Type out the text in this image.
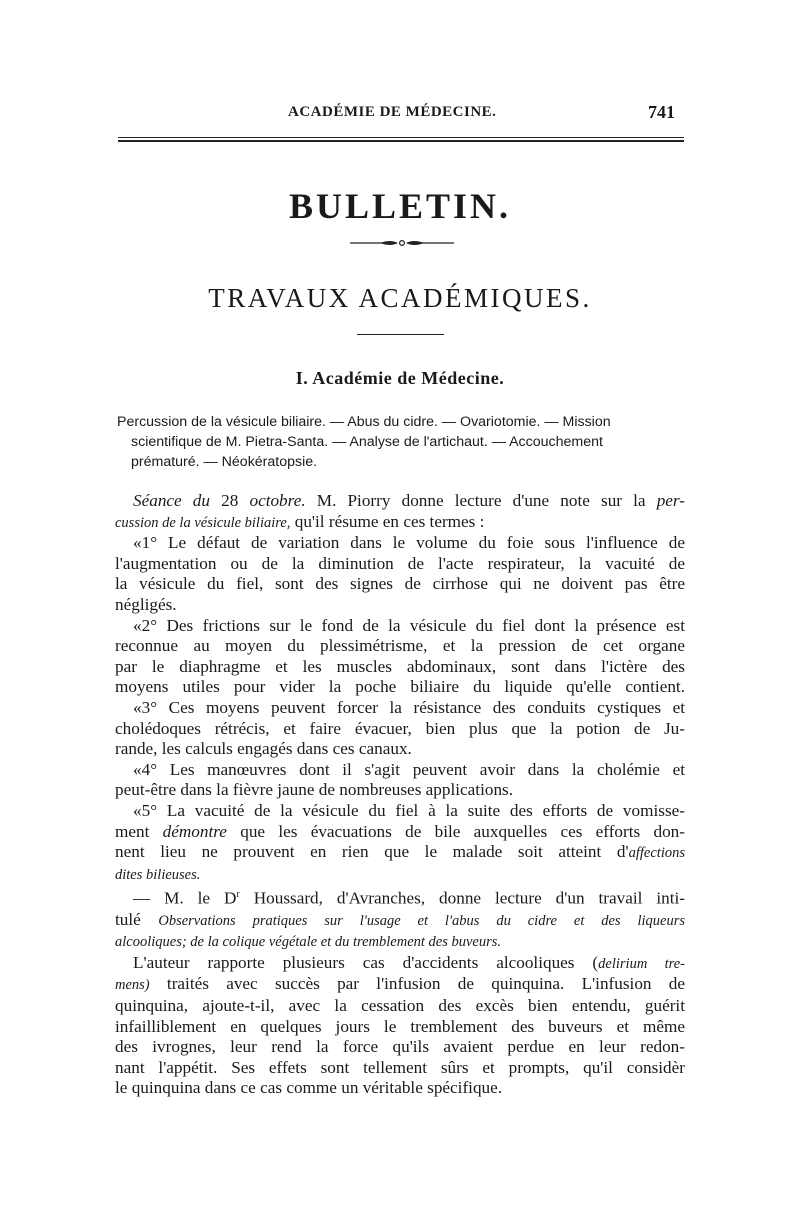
ACADÉMIE DE MÉDECINE.	741
BULLETIN.
TRAVAUX ACADÉMIQUES.
I. Académie de Médecine.
Percussion de la vésicule biliaire. — Abus du cidre. — Ovariotomie. — Mission
scientifique de M. Pietra-Santa. — Analyse de l'artichaut. — Accouchement
prématuré. — Néokératopsie.
Séance du 28 octobre. M. Piorry donne lecture d'une note sur la per-
cussion de la vésicule biliaire, qu'il résume en ces termes :
«1° Le défaut de variation dans le volume du foie sous l'influence de
l'augmentation ou de la diminution de l'acte respirateur, la vacuité de
la vésicule du fiel, sont des signes de cirrhose qui ne doivent pas être
négligés.
«2° Des frictions sur le fond de la vésicule du fiel dont la présence est
reconnue au moyen du plessimétrisme, et la pression de cet organe
par le diaphragme et les muscles abdominaux, sont dans l'ictère des
moyens utiles pour vider la poche biliaire du liquide qu'elle contient.
«3° Ces moyens peuvent forcer la résistance des conduits cystiques et
cholédoques rétrécis, et faire évacuer, bien plus que la potion de Ju-
rande, les calculs engagés dans ces canaux.
«4° Les manœuvres dont il s'agit peuvent avoir dans la cholémie et
peut-être dans la fièvre jaune de nombreuses applications.
«5° La vacuité de la vésicule du fiel à la suite des efforts de vomisse-
ment démontre que les évacuations de bile auxquelles ces efforts don-
nent lieu ne prouvent en rien que le malade soit atteint d'affections
dites bilieuses.
— M. le $D^r$ Houssard, d'Avranches, donne lecture d'un travail inti-
tulé Observations pratiques sur l'usage et l'abus du cidre et des liqueurs
alcooliques; de la colique végétale et du tremblement des buveurs.
L'auteur rapporte plusieurs cas d'accidents alcooliques (delirium tre-
mens) traités avec succès par l'infusion de quinquina. L'infusion de
quinquina, ajoute-t-il, avec la cessation des excès bien entendu, guérit
infailliblement en quelques jours le tremblement des buveurs et même
des ivrognes, leur rend la force qu'ils avaient perdue en leur redon-
nant l'appétit. Ses effets sont tellement sûrs et prompts, qu'il considèr
le quinquina dans ce cas comme un véritable spécifique.
